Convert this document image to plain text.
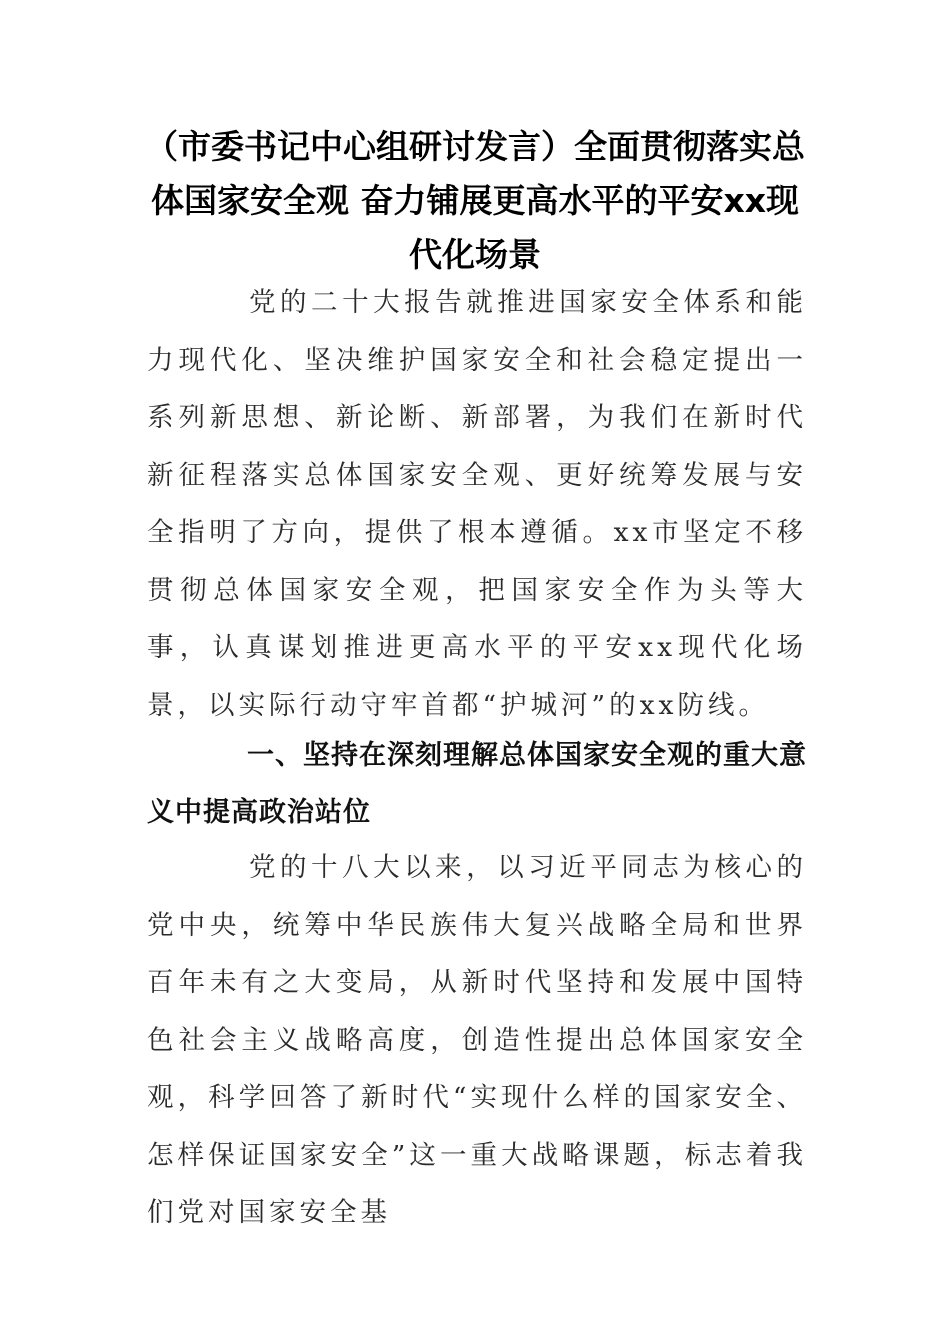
（市委书记中心组研讨发言）全面贯彻落实总体国家安全观 奋力铺展更高水平的平安xx现代化场景

党的二十大报告就推进国家安全体系和能力现代化、坚决维护国家安全和社会稳定提出一系列新思想、新论断、新部署，为我们在新时代新征程落实总体国家安全观、更好统筹发展与安全指明了方向，提供了根本遵循。xx市坚定不移贯彻总体国家安全观，把国家安全作为头等大事，认真谋划推进更高水平的平安xx现代化场景，以实际行动守牢首都“护城河”的xx防线。

一、坚持在深刻理解总体国家安全观的重大意义中提高政治站位

党的十八大以来，以习近平同志为核心的党中央，统筹中华民族伟大复兴战略全局和世界百年未有之大变局，从新时代坚持和发展中国特色社会主义战略高度，创造性提出总体国家安全观，科学回答了新时代“实现什么样的国家安全、怎样保证国家安全”这一重大战略课题，标志着我们党对国家安全基
